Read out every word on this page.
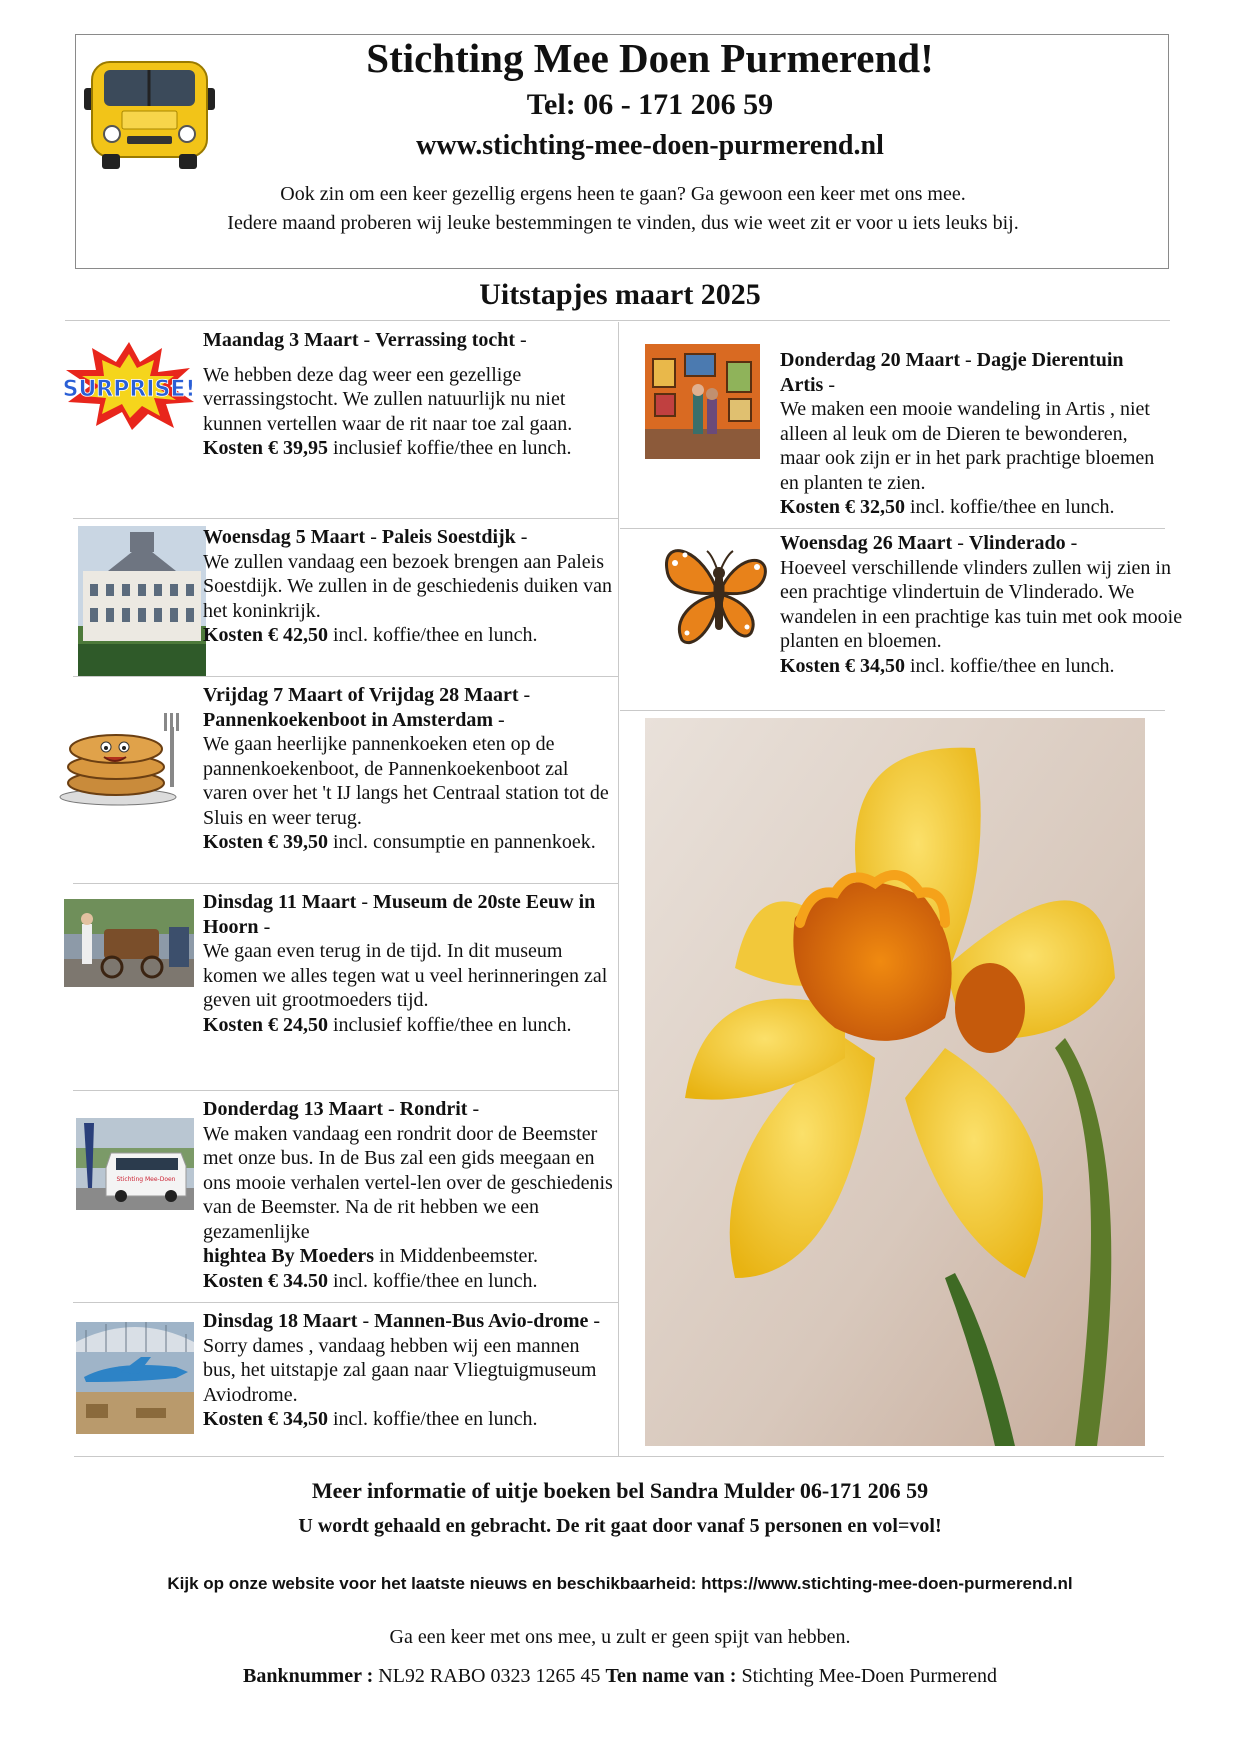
Stichting Mee Doen Purmerend!
Tel: 06 - 171 206 59
www.stichting-mee-doen-purmerend.nl
Ook zin om een keer gezellig ergens heen te gaan? Ga gewoon een keer met ons mee.
Iedere maand proberen wij leuke bestemmingen te vinden, dus wie weet zit er voor u iets leuks bij.
Uitstapjes maart 2025
SURPRISE!
Maandag 3 Maart - Verrassing tocht -
We hebben deze dag weer een gezellige verrassingstocht. We zullen natuurlijk nu niet kunnen vertellen waar de rit naar toe zal gaan.
Kosten € 39,95 inclusief koffie/thee en lunch.
Woensdag 5 Maart - Paleis Soestdijk -
We zullen vandaag een bezoek brengen aan Paleis Soestdijk. We zullen in de geschiedenis duiken van het koninkrijk.
Kosten € 42,50 incl. koffie/thee en lunch.
Vrijdag 7 Maart of Vrijdag 28 Maart - Pannenkoekenboot in Amsterdam -
We gaan heerlijke pannenkoeken eten op de pannenkoekenboot, de Pannenkoekenboot zal varen over het 't IJ langs het Centraal station tot de Sluis en weer terug.
Kosten € 39,50 incl. consumptie en pannenkoek.
Dinsdag 11 Maart - Museum de 20ste Eeuw in Hoorn -
We gaan even terug in de tijd. In dit museum komen we alles tegen wat u veel herinneringen zal geven uit grootmoeders tijd.
Kosten € 24,50 inclusief koffie/thee en lunch.
Stichting Mee-Doen
Donderdag 13 Maart - Rondrit -
We maken vandaag een rondrit door de Beemster met onze bus. In de Bus zal een gids meegaan en ons mooie verhalen vertel-len over de geschiedenis van de Beemster. Na de rit hebben we een gezamenlijke
hightea By Moeders in Middenbeemster.
Kosten € 34.50 incl. koffie/thee en lunch.
Dinsdag 18 Maart - Mannen-Bus Avio-drome -
Sorry dames , vandaag hebben wij een mannen bus, het uitstapje zal gaan naar Vliegtuigmuseum Aviodrome.
Kosten € 34,50 incl. koffie/thee en lunch.
Donderdag 20 Maart - Dagje Dierentuin Artis -
We maken een mooie wandeling in Artis , niet alleen al leuk om de Dieren te bewonderen, maar ook zijn er in het park prachtige bloemen en planten te zien.
Kosten € 32,50 incl. koffie/thee en lunch.
Woensdag 26 Maart - Vlinderado -
Hoeveel verschillende vlinders zullen wij zien in een prachtige vlindertuin de Vlinderado. We wandelen in een prachtige kas tuin met ook mooie planten en bloemen.
Kosten € 34,50 incl. koffie/thee en lunch.
Meer informatie of uitje boeken bel Sandra Mulder 06-171 206 59
U wordt gehaald en gebracht. De rit gaat door vanaf 5 personen en vol=vol!
Kijk op onze website voor het laatste nieuws en beschikbaarheid: https://www.stichting-mee-doen-purmerend.nl
Ga een keer met ons mee, u zult er geen spijt van hebben.
Banknummer : NL92 RABO 0323 1265 45 Ten name van : Stichting Mee-Doen Purmerend
